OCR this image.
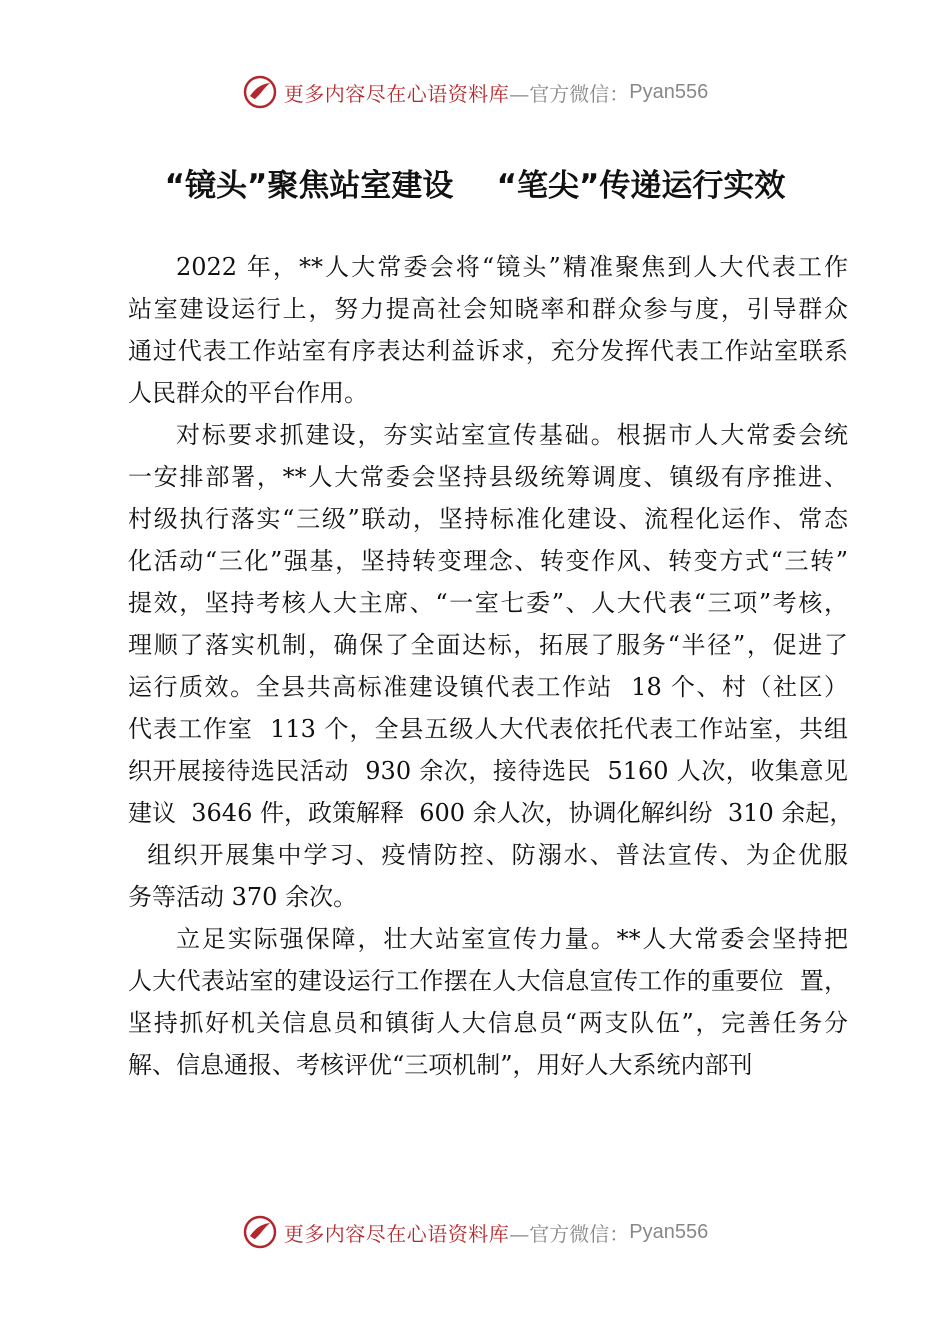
更多内容尽在心语资料库 —官方微信： Pyan556
“镜头”聚焦站室建设    “笔尖”传递运行实效
2022 年，**人大常委会将“镜头”精准聚焦到人大代表工作
站室建设运行上，努力提高社会知晓率和群众参与度，引导群众
通过代表工作站室有序表达利益诉求，充分发挥代表工作站室联系
人民群众的平台作用。
对标要求抓建设，夯实站室宣传基础。根据市人大常委会统
一安排部署，**人大常委会坚持县级统筹调度、镇级有序推进、
村级执行落实“三级”联动，坚持标准化建设、流程化运作、常态
化活动“三化”强基，坚持转变理念、转变作风、转变方式“三转”
提效，坚持考核人大主席、“一室七委”、人大代表“三项”考核，
理顺了落实机制，确保了全面达标，拓展了服务“半径”，促进了
运行质效。全县共高标准建设镇代表工作站  18 个、村（社区）
代表工作室  113 个，全县五级人大代表依托代表工作站室，共组
织开展接待选民活动  930 余次，接待选民  5160 人次，收集意见
建议  3646 件，政策解释  600 余人次，协调化解纠纷  310 余起，
组织开展集中学习、疫情防控、防溺水、普法宣传、为企优服
务等活动 370 余次。
立足实际强保障，壮大站室宣传力量。**人大常委会坚持把
人大代表站室的建设运行工作摆在人大信息宣传工作的重要位  置，
坚持抓好机关信息员和镇街人大信息员“两支队伍”，完善任务分
解、信息通报、考核评优“三项机制”，用好人大系统内部刊
更多内容尽在心语资料库 —官方微信： Pyan556
